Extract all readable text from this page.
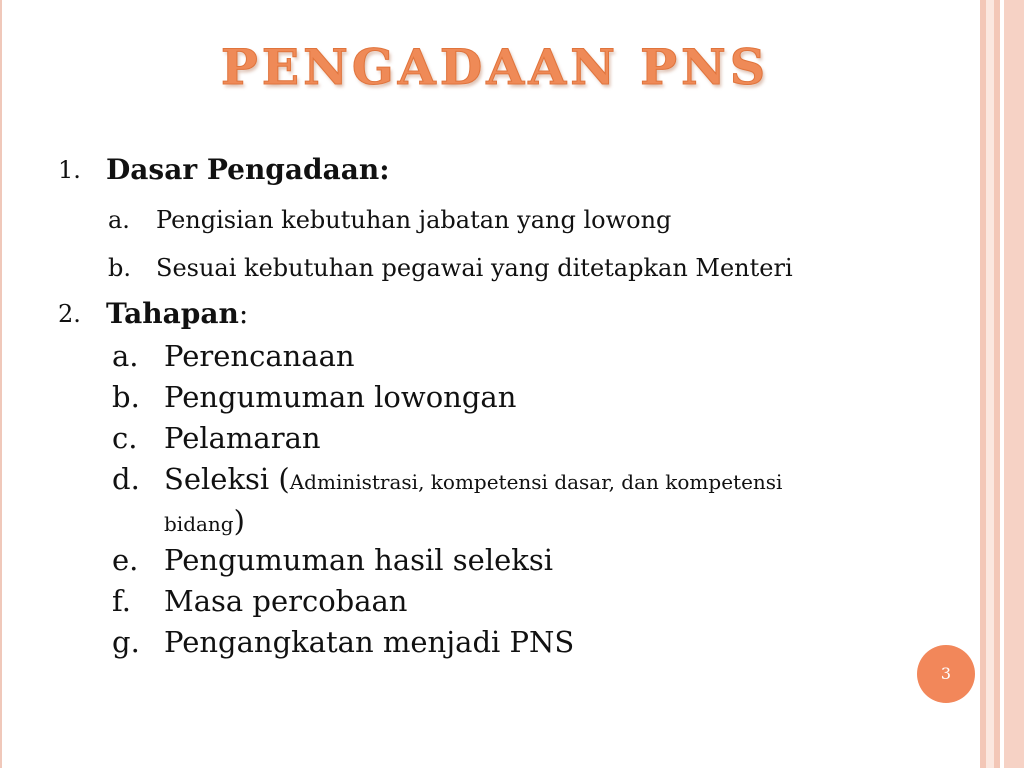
PENGADAAN PNS
1. Dasar Pengadaan:
a. Pengisian kebutuhan jabatan yang lowong
b. Sesuai kebutuhan pegawai yang ditetapkan Menteri
2. Tahapan:
a. Perencanaan
b. Pengumuman lowongan
c. Pelamaran
d. Seleksi (Administrasi, kompetensi dasar, dan kompetensi
bidang)
e. Pengumuman hasil seleksi
f. Masa percobaan
g. Pengangkatan menjadi PNS
3
